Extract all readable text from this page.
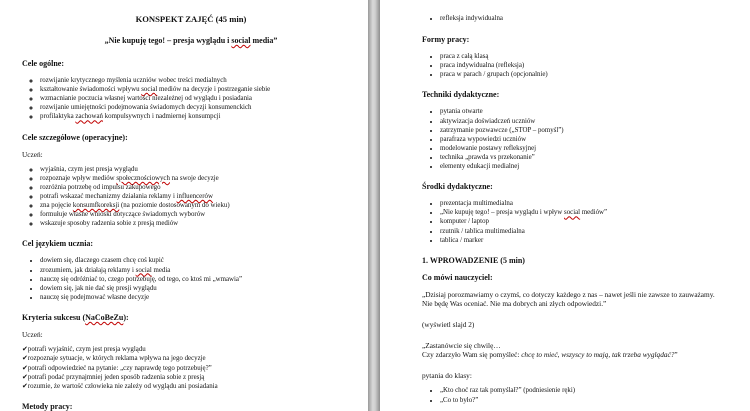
KONSPEKT ZAJĘĆ (45 min)
„Nie kupuję tego! – presja wyglądu i social media”
Cele ogólne:
◦ rozwijanie krytycznego myślenia uczniów wobec treści medialnych
◦ kształtowanie świadomości wpływu social mediów na decyzje i postrzeganie siebie
◦ wzmacnianie poczucia własnej wartości niezależnej od wyglądu i posiadania
◦ rozwijanie umiejętności podejmowania świadomych decyzji konsumenckich
◦ profilaktyka zachowań kompulsywnych i nadmiernej konsumpcji
Cele szczegółowe (operacyjne):
Uczeń:
◦ wyjaśnia, czym jest presja wyglądu
◦ rozpoznaje wpływ mediów społecznościowych na swoje decyzje
◦ rozróżnia potrzebę od impulsu zakupowego
◦ potrafi wskazać mechanizmy działania reklamy i influencerów
◦ zna pojęcie konsumfkoreksji (na poziomie dostosowanym do wieku)
◦ formułuje własne wnioski dotyczące świadomych wyborów
◦ wskazuje sposoby radzenia sobie z presją mediów
Cel językiem ucznia:
• dowiem się, dlaczego czasem chcę coś kupić
• zrozumiem, jak działają reklamy i social media
• nauczę się odróżniać to, czego potrzebuję, od tego, co ktoś mi „wmawia”
• dowiem się, jak nie dać się presji wyglądu
• nauczę się podejmować własne decyzje
Kryteria sukcesu (NaCoBeZu):
Uczeń:
✔ potrafi wyjaśnić, czym jest presja wyglądu
✔ rozpoznaje sytuacje, w których reklama wpływa na jego decyzje
✔ potrafi odpowiedzieć na pytanie: „czy naprawdę tego potrzebuję?”
✔ potrafi podać przynajmniej jeden sposób radzenia sobie z presją
✔ rozumie, że wartość człowieka nie zależy od wyglądu ani posiadania
Metody pracy:
• refleksja indywidualna
Formy pracy:
• praca z całą klasą
• praca indywidualna (refleksja)
• praca w parach / grupach (opcjonalnie)
Techniki dydaktyczne:
• pytania otwarte
• aktywizacja doświadczeń uczniów
• zatrzymanie pozwawcze („STOP – pomyśl”)
• parafraza wypowiedzi uczniów
• modelowanie postawy refleksyjnej
• technika „prawda vs przekonanie”
• elementy edukacji medialnej
Środki dydaktyczne:
• prezentacja multimedialna
• „Nie kupuję tego! – presja wyglądu i wpływ social mediów”
• komputer / laptop
• rzutnik / tablica multimedialna
• tablica / marker
1. WPROWADZENIE (5 min)
Co mówi nauczyciel:
„Dzisiaj porozmawiamy o czymś, co dotyczy każdego z nas – nawet jeśli nie zawsze to zauważamy.
Nie będę Was oceniać. Nie ma dobrych ani złych odpowiedzi.”
(wyświetl slajd 2)
„Zastanówcie się chwilę…
Czy zdarzyło Wam się pomyśleć: chcę to mieć, wszyscy to mają, tak trzeba wyglądać?”
pytania do klasy:
• „Kto choć raz tak pomyślał?” (podniesienie ręki)
• „Co to było?”
